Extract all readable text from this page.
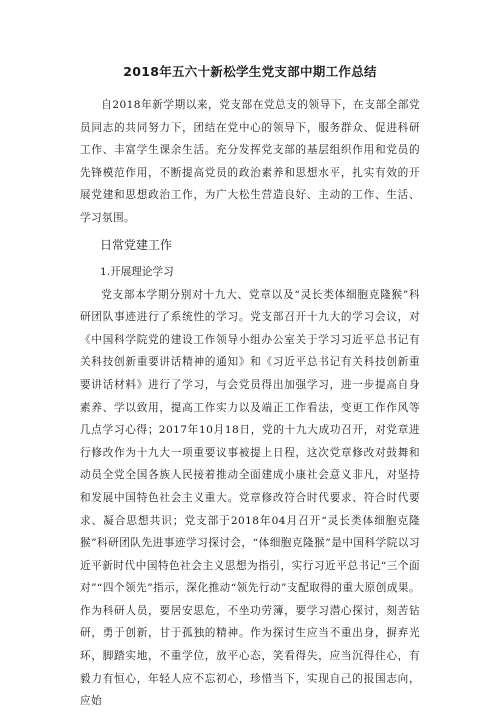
2018年五六十新松学生党支部中期工作总结

自2018年新学期以来，党支部在党总支的领导下，在支部全部党员同志的共同努力下，团结在党中心的领导下，服务群众、促进科研工作、丰富学生课余生活。充分发挥党支部的基层组织作用和党员的先锋模范作用，不断提高党员的政治素养和思想水平，扎实有效的开展党建和思想政治工作，为广大松生营造良好、主动的工作、生活、学习氛围。

日常党建工作
1.开展理论学习

党支部本学期分别对十九大、党章以及“灵长类体细胞克隆猴”科研团队事迹进行了系统性的学习。党支部召开十九大的学习会议，对《中国科学院党的建设工作领导小组办公室关于学习习近平总书记有关科技创新重要讲话精神的通知》和《习近平总书记有关科技创新重要讲话材料》进行了学习，与会党员得出加强学习，进一步提高自身素养、学以致用，提高工作实力以及端正工作看法，变更工作作风等几点学习心得；2017年10月18日，党的十九大成功召开，对党章进行修改作为十九大一项重要议事被提上日程，这次党章修改对鼓舞和动员全党全国各族人民接着推动全面建成小康社会意义非凡，对坚持和发展中国特色社会主义重大。党章修改符合时代要求、符合时代要求、凝合思想共识；党支部于2018年04月召开“灵长类体细胞克隆猴”科研团队先进事迹学习探讨会，“体细胞克隆猴”是中国科学院以习近平新时代中国特色社会主义思想为指引，实行习近平总书记“三个面对”“四个领先”指示，深化推动“领先行动”支配取得的重大原创成果。作为科研人员，要居安思危，不坐功劳簿，要学习潜心探讨，刻苦钻研，勇于创新，甘于孤独的精神。作为探讨生应当不重出身，摒弃光环，脚踏实地，不重学位，放平心态，笑看得失，应当沉得住心，有毅力有恒心，年轻人应不忘初心，珍惜当下，实现自己的报国志向，应始
